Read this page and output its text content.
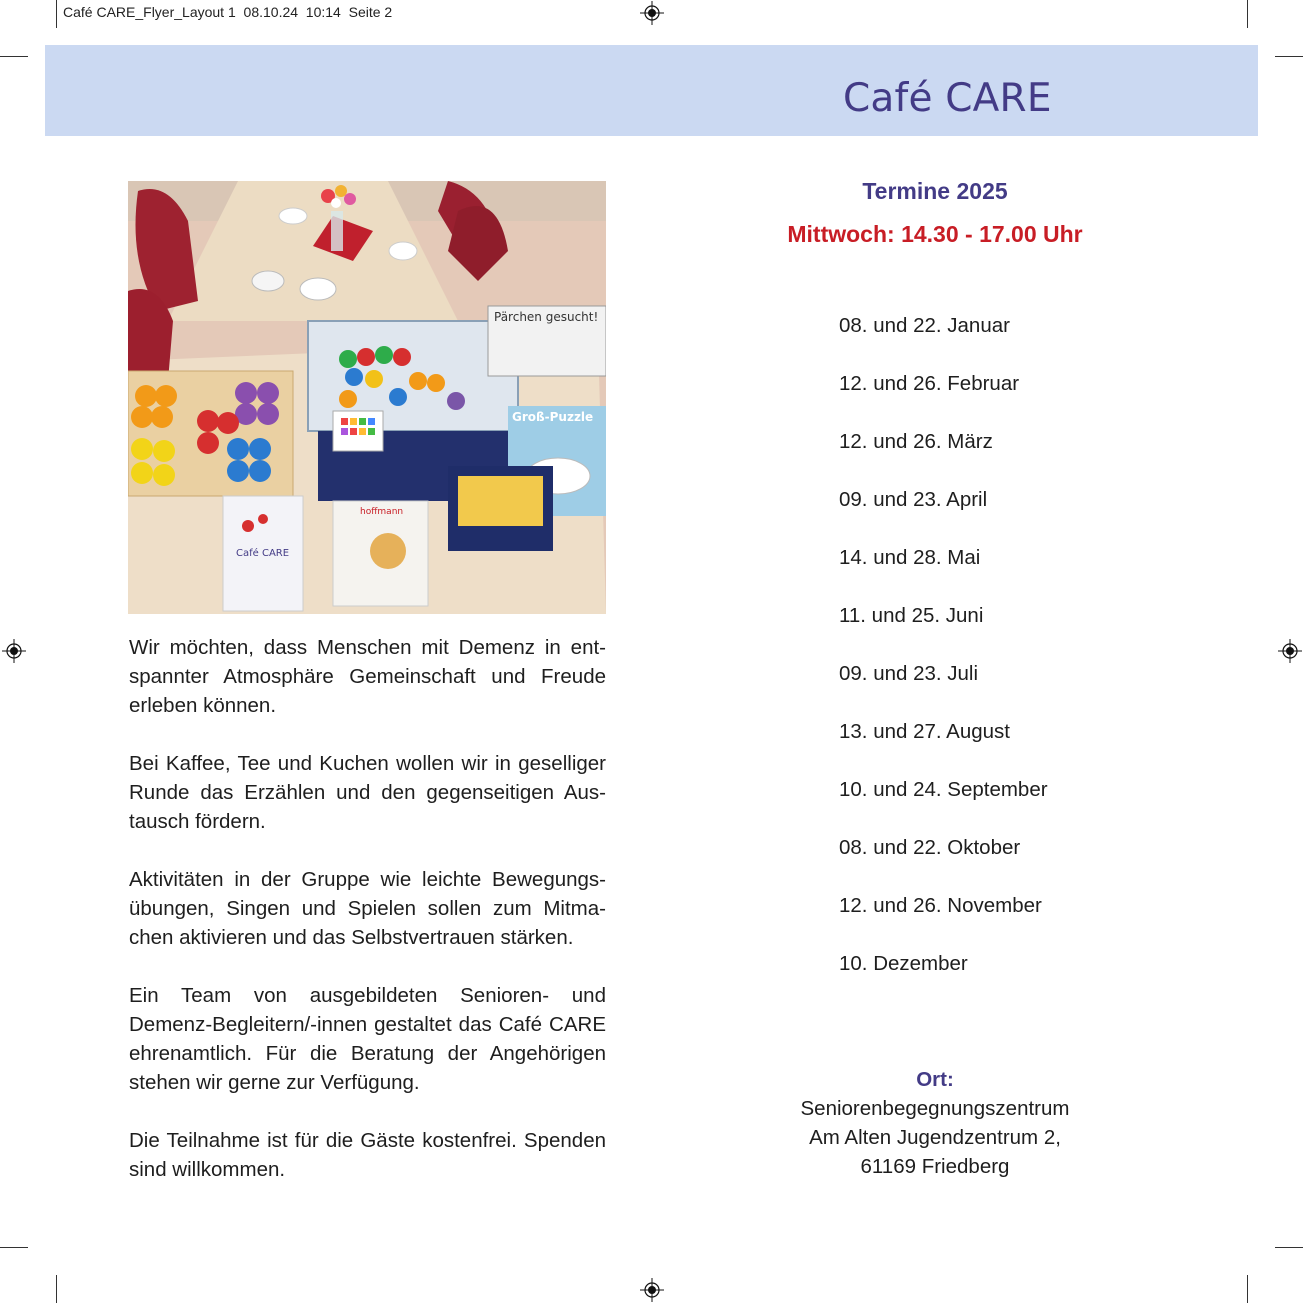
Café CARE_Flyer_Layout 1  08.10.24  10:14  Seite 2
Café CARE
Pärchen gesucht!
Groß-Puzzle
Café CARE
hoffmann

Wir möchten, dass Menschen mit Demenz in entspannter Atmosphäre Gemeinschaft und Freude erleben können.

Bei Kaffee, Tee und Kuchen wollen wir in geselliger Runde das Erzählen und den gegenseitigen Austausch fördern.

Aktivitäten in der Gruppe wie leichte Bewegungsübungen, Singen und Spielen sollen zum Mitmachen aktivieren und das Selbstvertrauen stärken.

Ein Team von ausgebildeten Senioren- und Demenz-Begleitern/-innen gestaltet das Café CARE ehrenamtlich. Für die Beratung der Angehörigen stehen wir gerne zur Verfügung.

Die Teilnahme ist für die Gäste kostenfrei. Spenden sind willkommen.

Termine 2025
Mittwoch: 14.30 - 17.00 Uhr
08. und 22. Januar
12. und 26. Februar
12. und 26. März
09. und 23. April
14. und 28. Mai
11. und 25. Juni
09. und 23. Juli
13. und 27. August
10. und 24. September
08. und 22. Oktober
12. und 26. November
10. Dezember
Ort:
Seniorenbegegnungszentrum
Am Alten Jugendzentrum 2,
61169 Friedberg
